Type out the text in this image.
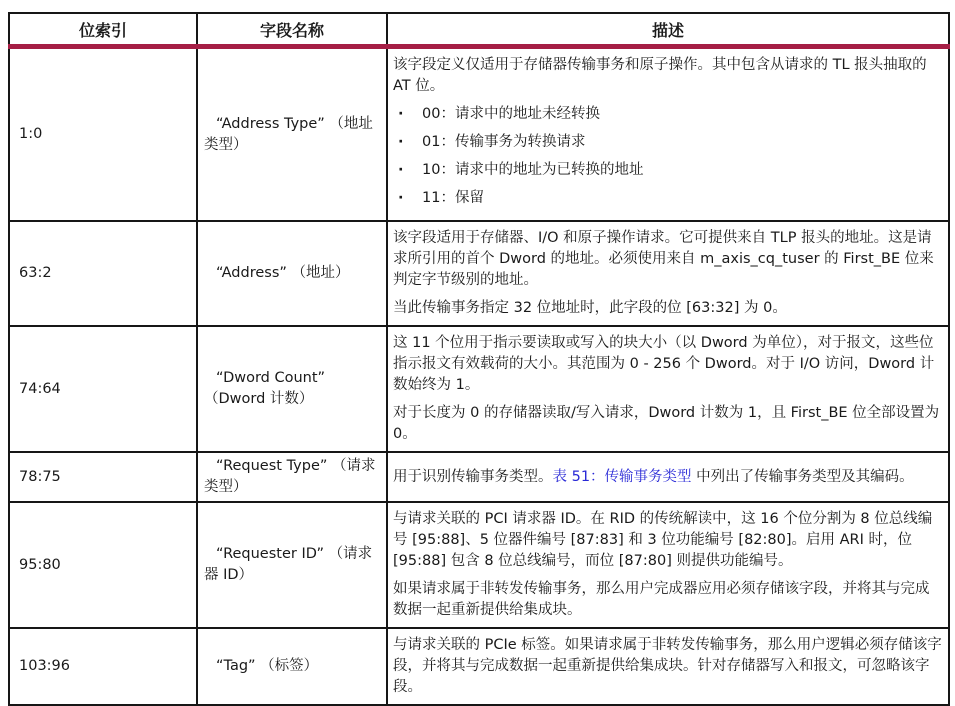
位索引	字段名称	描述
1:0	“Address Type” （地址类型）	该字段定义仅适用于存储器传输事务和原子操作。其中包含从请求的 TL 报头抽取的 AT 位。

· 00：请求中的地址未经转换
· 01：传输事务为转换请求
· 10：请求中的地址为已转换的地址
· 11：保留

63:2	“Address” （地址）	该字段适用于存储器、I/O 和原子操作请求。它可提供来自 TLP 报头的地址。这是请求所引用的首个 Dword 的地址。必须使用来自 m_axis_cq_tuser 的 First_BE 位来判定字节级别的地址。

当此传输事务指定 32 位地址时，此字段的位 [63:32] 为 0。

74:64	“Dword Count” （Dword 计数）	这 11 个位用于指示要读取或写入的块大小（以 Dword 为单位），对于报文，这些位指示报文有效载荷的大小。其范围为 0 - 256 个 Dword。对于 I/O 访问，Dword 计数始终为 1。

对于长度为 0 的存储器读取/写入请求，Dword 计数为 1，且 First_BE 位全部设置为 0。

78:75	“Request Type” （请求类型）	用于识别传输事务类型。表 51：传输事务类型 中列出了传输事务类型及其编码。

95:80	“Requester ID” （请求器 ID）	与请求关联的 PCI 请求器 ID。在 RID 的传统解读中，这 16 个位分割为 8 位总线编号 [95:88]、5 位器件编号 [87:83] 和 3 位功能编号 [82:80]。启用 ARI 时，位 [95:88] 包含 8 位总线编号，而位 [87:80] 则提供功能编号。

如果请求属于非转发传输事务，那么用户完成器应用必须存储该字段，并将其与完成数据一起重新提供给集成块。

103:96	“Tag” （标签）	与请求关联的 PCIe 标签。如果请求属于非转发传输事务，那么用户逻辑必须存储该字段，并将其与完成数据一起重新提供给集成块。针对存储器写入和报文，可忽略该字段。
